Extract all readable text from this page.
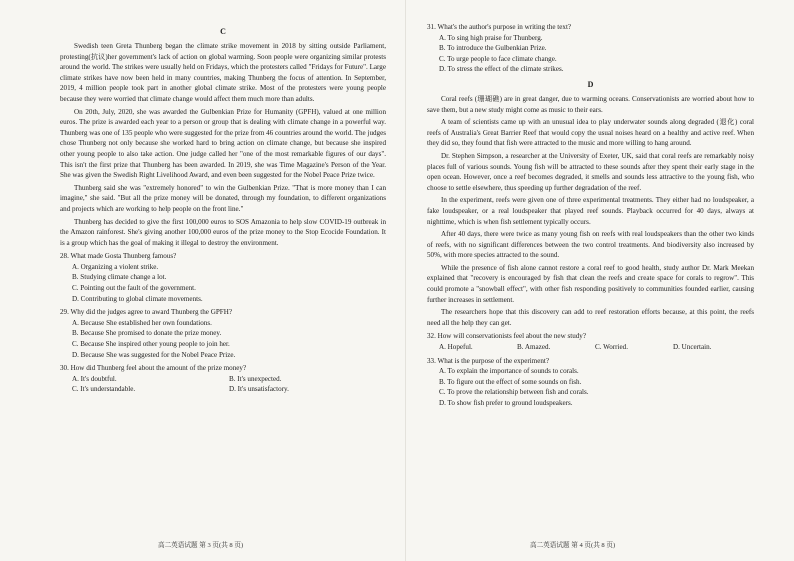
C

Swedish teen Greta Thunberg began the climate strike movement in 2018 by sitting outside Parliament, protesting(抗议)her government's lack of action on global warming. Soon people were organizing similar protests around the world. The strikes were usually held on Fridays, which the protesters called "Fridays for Future". Large climate strikes have now been held in many countries, making Thunberg the focus of attention. In September, 2019, 4 million people took part in another global climate strike. Most of the protesters were young people because they were worried that climate change would affect them much more than adults.

On 20th, July, 2020, she was awarded the Gulbenkian Prize for Humanity (GPFH), valued at one million euros. The prize is awarded each year to a person or group that is dealing with climate change in a powerful way. Thunberg was one of 135 people who were suggested for the prize from 46 countries around the world. The judges chose Thunberg not only because she worked hard to bring action on climate change, but because she inspired other young people to also take action. One judge called her "one of the most remarkable figures of our days". This isn't the first prize that Thunberg has been awarded. In 2019, she was Time Magazine's Person of the Year. She was given the Swedish Right Livelihood Award, and even been suggested for the Nobel Peace Prize twice.

Thunberg said she was "extremely honored" to win the Gulbenkian Prize. "That is more money than I can imagine," she said. "But all the prize money will be donated, through my foundation, to different organizations and projects which are working to help people on the front line."

Thunberg has decided to give the first 100,000 euros to SOS Amazonia to help slow COVID-19 outbreak in the Amazon rainforest. She's giving another 100,000 euros of the prize money to the Stop Ecocide Foundation. It is a group which has the goal of making it illegal to destroy the environment.

28. What made Gosta Thunberg famous?
A. Organizing a violent strike.
B. Studying climate change a lot.
C. Pointing out the fault of the government.
D. Contributing to global climate movements.
29. Why did the judges agree to award Thunberg the GPFH?
A. Because She established her own foundations.
B. Because She promised to donate the prize money.
C. Because She inspired other young people to join her.
D. Because She was suggested for the Nobel Peace Prize.
30. How did Thunberg feel about the amount of the prize money?
A. It's doubtful.	B. It's unexpected.
C. It's understandable.	D. It's unsatisfactory.
高二英语试题 第 3 页(共 8 页)
31. What's the author's purpose in writing the text?
A. To sing high praise for Thunberg.
B. To introduce the Gulbenkian Prize.
C. To urge people to face climate change.
D. To stress the effect of the climate strikes.
D

Coral reefs (珊瑚礁) are in great danger, due to warming oceans. Conservationists are worried about how to save them, but a new study might come as music to their ears.

A team of scientists came up with an unusual idea to play underwater sounds along degraded (退化) coral reefs of Australia's Great Barrier Reef that would copy the usual noises heard on a healthy and active reef. When they did so, they found that fish were attracted to the music and more willing to hang around.

Dr. Stephen Simpson, a researcher at the University of Exeter, UK, said that coral reefs are remarkably noisy places full of various sounds. Young fish will be attracted to these sounds after they spent their early stage in the open ocean. However, once a reef becomes degraded, it smells and sounds less attractive to the young fish, who choose to settle elsewhere, thus speeding up further degradation of the reef.

In the experiment, reefs were given one of three experimental treatments. They either had no loudspeaker, a fake loudspeaker, or a real loudspeaker that played reef sounds. Playback occurred for 40 days, always at nighttime, which is when fish settlement typically occurs.

After 40 days, there were twice as many young fish on reefs with real loudspeakers than the other two kinds of reefs, with no significant differences between the two control treatments. And biodiversity also increased by 50%, with more species attracted to the sound.

While the presence of fish alone cannot restore a coral reef to good health, study author Dr. Mark Meekan explained that "recovery is encouraged by fish that clean the reefs and create space for corals to regrow". This could promote a "snowball effect", with other fish responding positively to communities founded earlier, causing further increases in settlement.

The researchers hope that this discovery can add to reef restoration efforts because, at this point, the reefs need all the help they can get.

32. How will conservationists feel about the new study?
A. Hopeful.	B. Amazed.	C. Worried.	D. Uncertain.
33. What is the purpose of the experiment?
A. To explain the importance of sounds to corals.
B. To figure out the effect of some sounds on fish.
C. To prove the relationship between fish and corals.
D. To show fish prefer to ground loudspeakers.
高二英语试题 第 4 页(共 8 页)
